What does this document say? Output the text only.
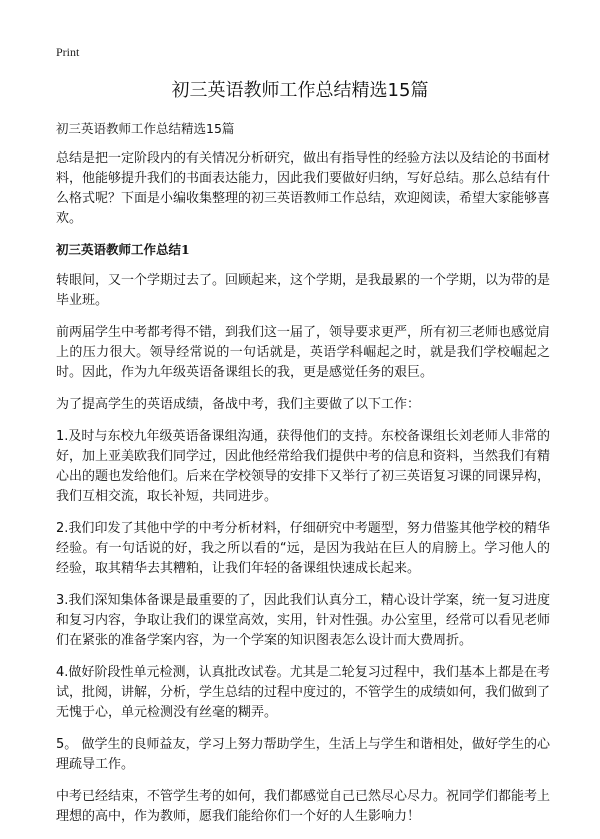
Print
初三英语教师工作总结精选15篇

初三英语教师工作总结精选15篇

总结是把一定阶段内的有关情况分析研究，做出有指导性的经验方法以及结论的书面材料，他能够提升我们的书面表达能力，因此我们要做好归纳，写好总结。那么总结有什么格式呢？下面是小编收集整理的初三英语教师工作总结，欢迎阅读，希望大家能够喜欢。

初三英语教师工作总结1

转眼间，又一个学期过去了。回顾起来，这个学期，是我最累的一个学期，以为带的是毕业班。

前两届学生中考都考得不错，到我们这一届了，领导要求更严，所有初三老师也感觉肩上的压力很大。领导经常说的一句话就是，英语学科崛起之时，就是我们学校崛起之时。因此，作为九年级英语备课组长的我，更是感觉任务的艰巨。

为了提高学生的英语成绩，备战中考，我们主要做了以下工作：

1.及时与东校九年级英语备课组沟通，获得他们的支持。东校备课组长刘老师人非常的好，加上亚美欧我们同学过，因此他经常给我们提供中考的信息和资料，当然我们有精心出的题也发给他们。后来在学校领导的安排下又举行了初三英语复习课的同课异构，我们互相交流，取长补短，共同进步。

2.我们印发了其他中学的中考分析材料，仔细研究中考题型，努力借鉴其他学校的精华经验。有一句话说的好，我之所以看的“远，是因为我站在巨人的肩膀上。学习他人的经验，取其精华去其糟粕，让我们年轻的备课组快速成长起来。

3.我们深知集体备课是最重要的了，因此我们认真分工，精心设计学案，统一复习进度和复习内容，争取让我们的课堂高效，实用，针对性强。办公室里，经常可以看见老师们在紧张的准备学案内容，为一个学案的知识图表怎么设计而大费周折。

4.做好阶段性单元检测，认真批改试卷。尤其是二轮复习过程中，我们基本上都是在考试，批阅，讲解，分析，学生总结的过程中度过的，不管学生的成绩如何，我们做到了无愧于心，单元检测没有丝毫的糊弄。

5。 做学生的良师益友，学习上努力帮助学生，生活上与学生和谐相处，做好学生的心理疏导工作。

中考已经结束，不管学生考的如何，我们都感觉自己已然尽心尽力。祝同学们都能考上理想的高中，作为教师，愿我们能给你们一个好的人生影响力！
